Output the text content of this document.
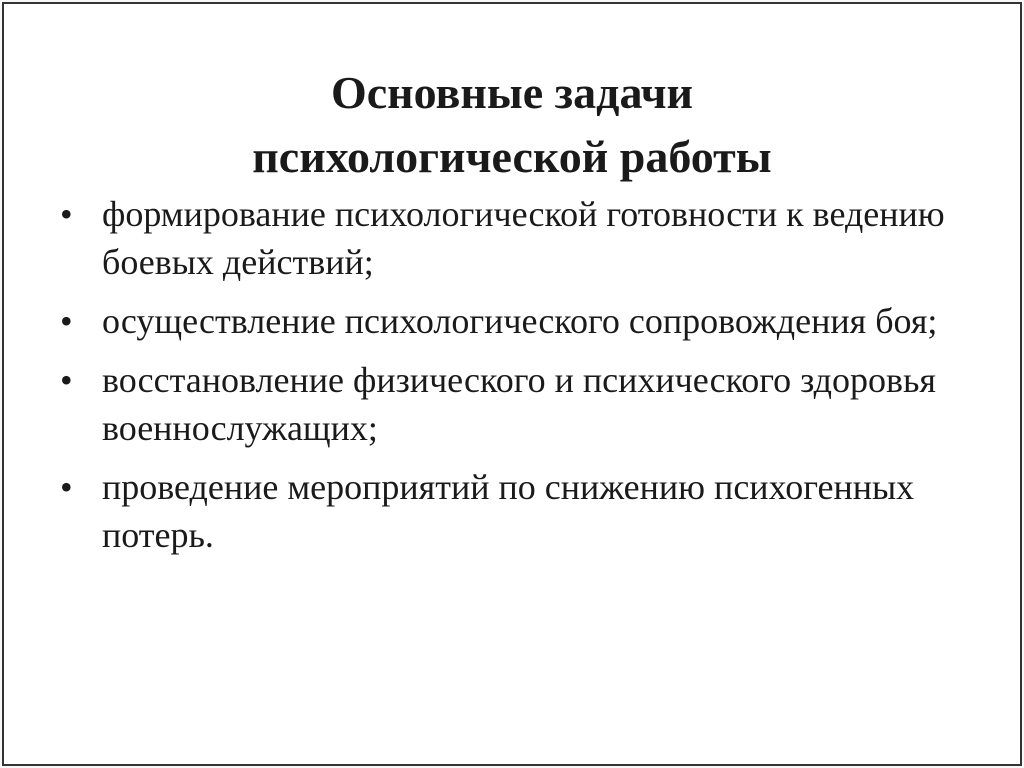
Основные задачи
психологической работы
• формирование психологической готовности к ведению боевых действий;
• осуществление психологического сопровождения боя;
• восстановление физического и психического здоровья военнослужащих;
• проведение мероприятий по снижению психогенных потерь.
